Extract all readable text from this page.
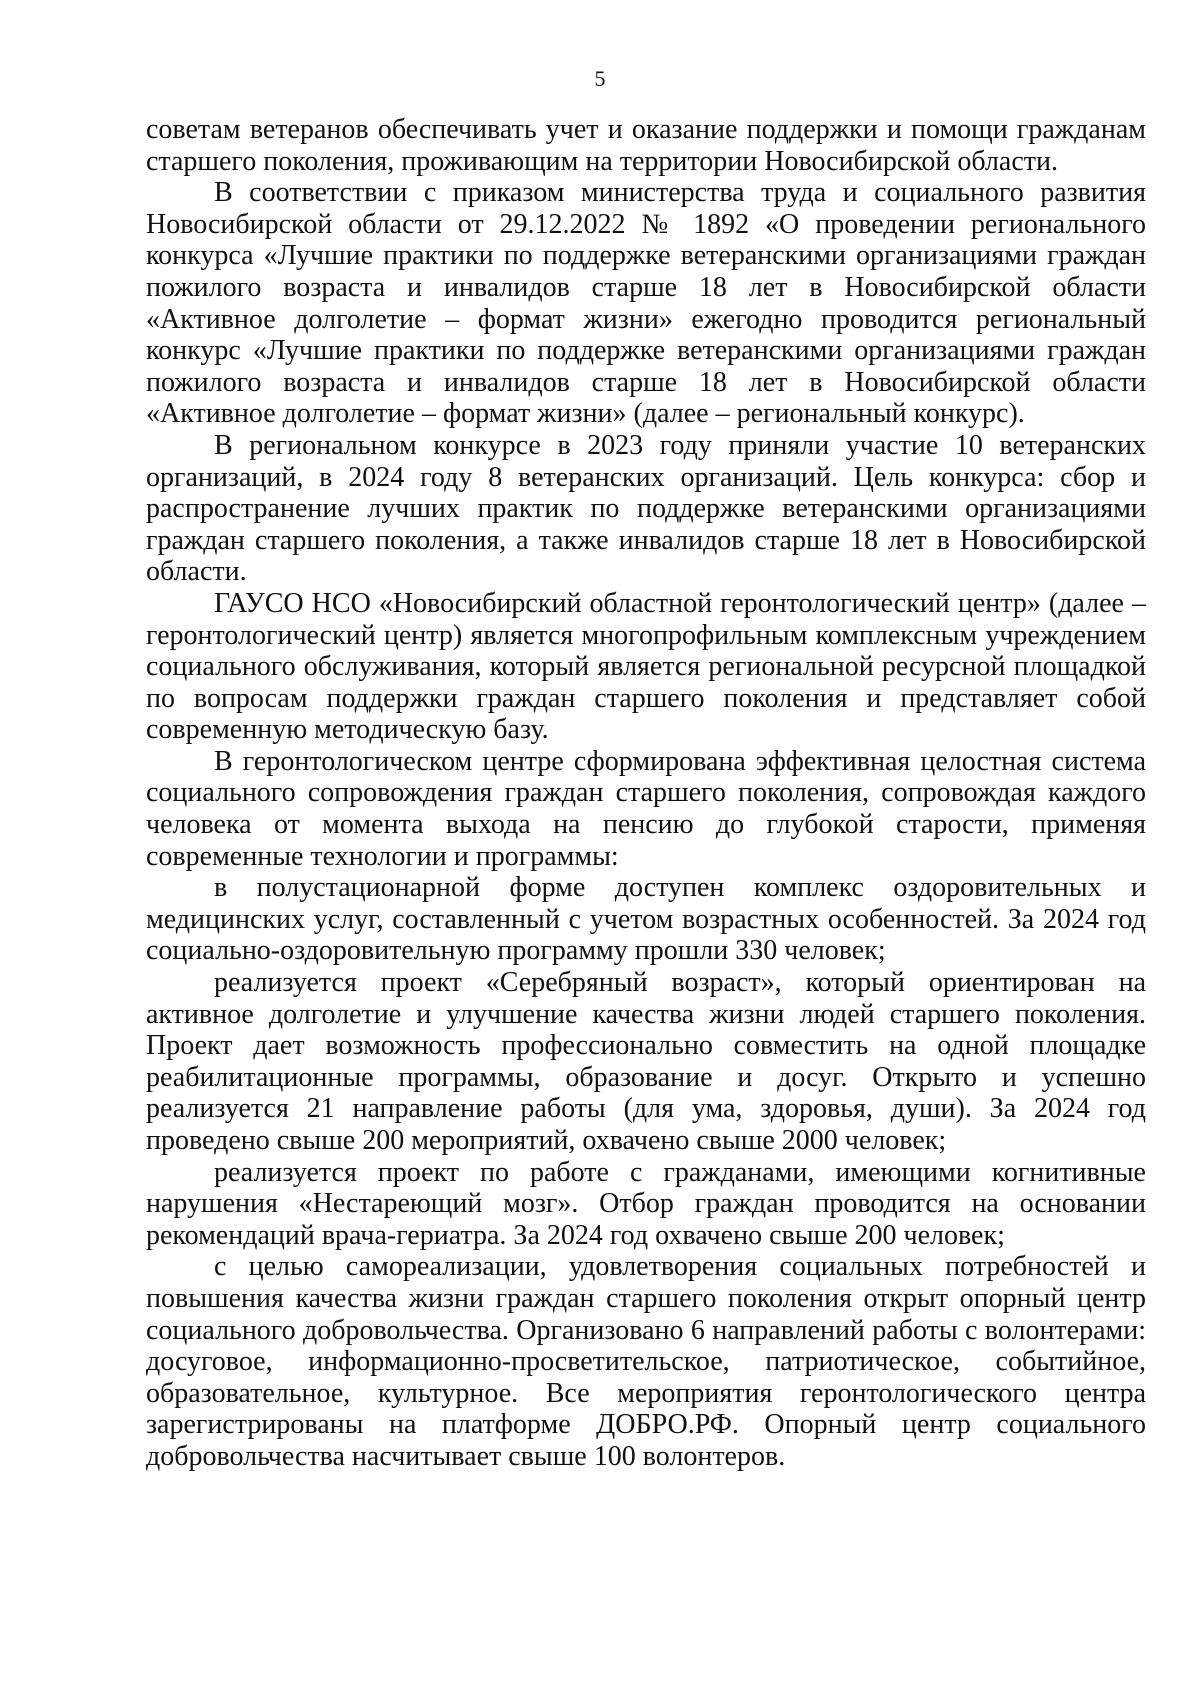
5

советам ветеранов обеспечивать учет и оказание поддержки и помощи гражданам старшего поколения, проживающим на территории Новосибирской области.

В соответствии с приказом министерства труда и социального развития Новосибирской области от 29.12.2022 № 1892 «О проведении регионального конкурса «Лучшие практики по поддержке ветеранскими организациями граждан пожилого возраста и инвалидов старше 18 лет в Новосибирской области «Активное долголетие – формат жизни» ежегодно проводится региональный конкурс «Лучшие практики по поддержке ветеранскими организациями граждан пожилого возраста и инвалидов старше 18 лет в Новосибирской области «Активное долголетие – формат жизни» (далее – региональный конкурс).

В региональном конкурсе в 2023 году приняли участие 10 ветеранских организаций, в 2024 году 8 ветеранских организаций. Цель конкурса: сбор и распространение лучших практик по поддержке ветеранскими организациями граждан старшего поколения, а также инвалидов старше 18 лет в Новосибирской области.

ГАУСО НСО «Новосибирский областной геронтологический центр» (далее – геронтологический центр) является многопрофильным комплексным учреждением социального обслуживания, который является региональной ресурсной площадкой по вопросам поддержки граждан старшего поколения и представляет собой современную методическую базу.

В геронтологическом центре сформирована эффективная целостная система социального сопровождения граждан старшего поколения, сопровождая каждого человека от момента выхода на пенсию до глубокой старости, применяя современные технологии и программы:

в полустационарной форме доступен комплекс оздоровительных и медицинских услуг, составленный с учетом возрастных особенностей. За 2024 год социально-оздоровительную программу прошли 330 человек;

реализуется проект «Серебряный возраст», который ориентирован на активное долголетие и улучшение качества жизни людей старшего поколения. Проект дает возможность профессионально совместить на одной площадке реабилитационные программы, образование и досуг. Открыто и успешно реализуется 21 направление работы (для ума, здоровья, души). За 2024 год проведено свыше 200 мероприятий, охвачено свыше 2000 человек;

реализуется проект по работе с гражданами, имеющими когнитивные нарушения «Нестареющий мозг». Отбор граждан проводится на основании рекомендаций врача-гериатра. За 2024 год охвачено свыше 200 человек;

с целью самореализации, удовлетворения социальных потребностей и повышения качества жизни граждан старшего поколения открыт опорный центр социального добровольчества. Организовано 6 направлений работы с волонтерами: досуговое, информационно-просветительское, патриотическое, событийное, образовательное, культурное. Все мероприятия геронтологического центра зарегистрированы на платформе ДОБРО.РФ. Опорный центр социального добровольчества насчитывает свыше 100 волонтеров.
